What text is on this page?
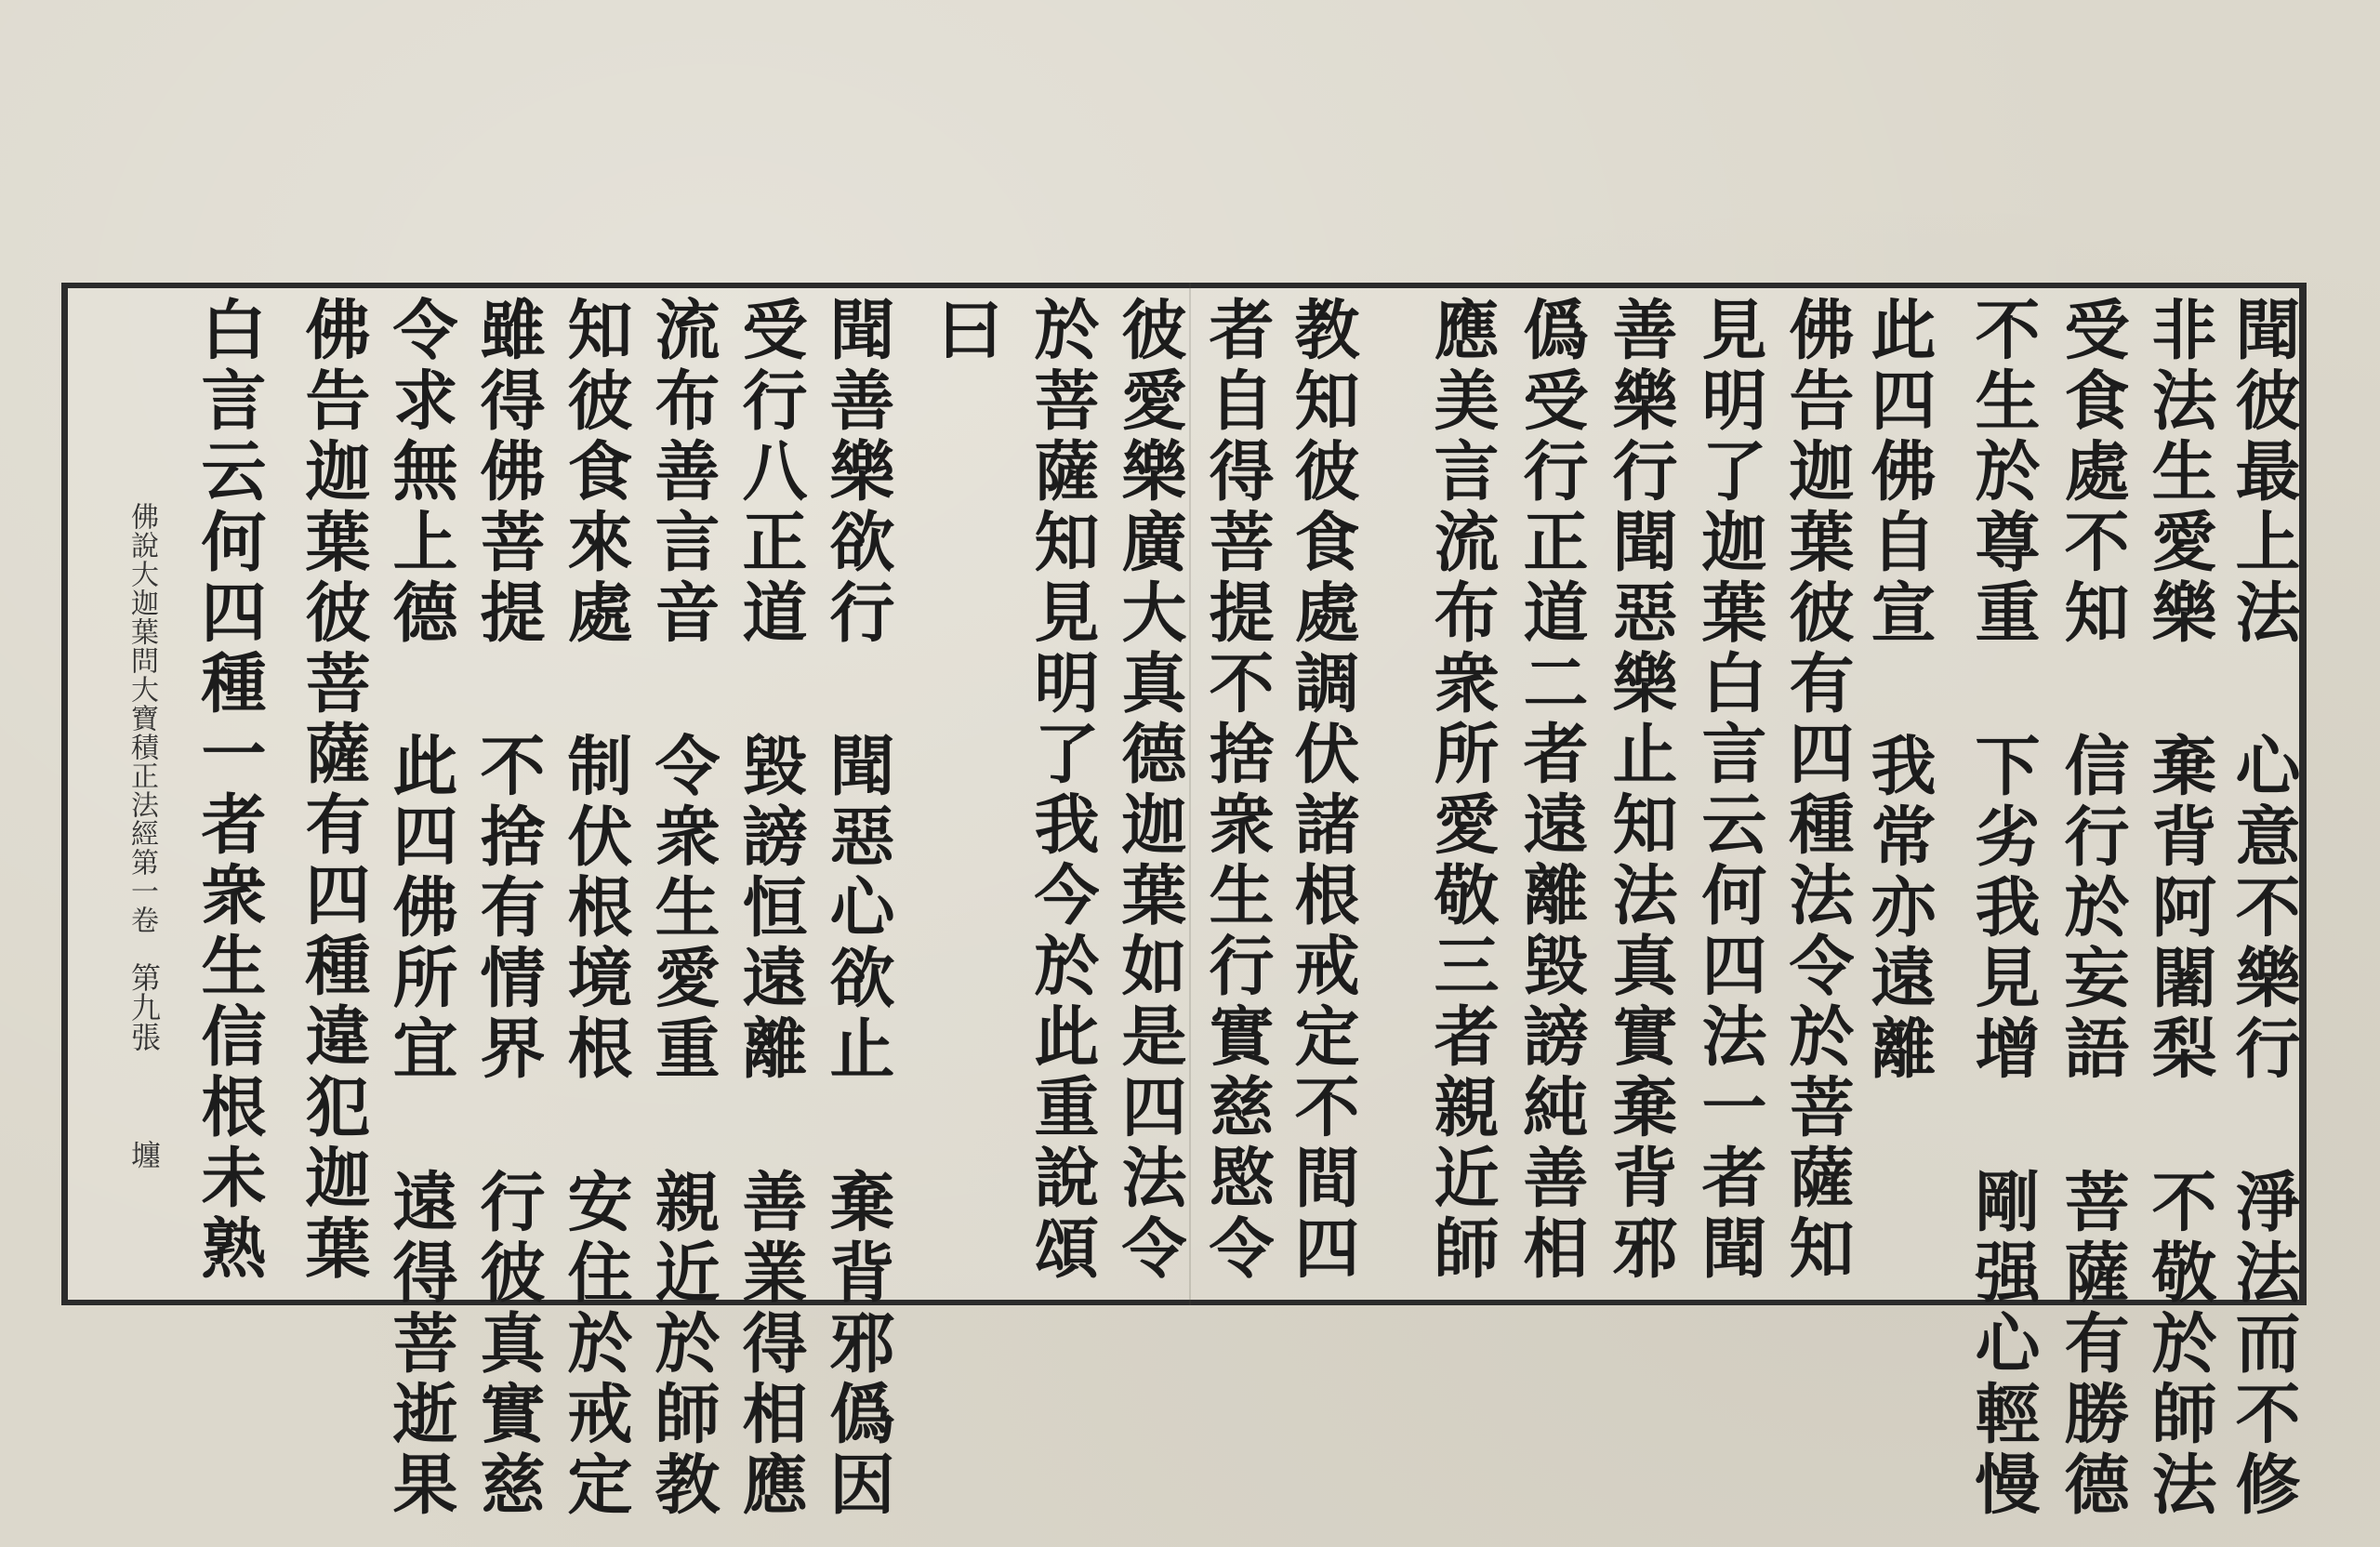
聞彼最上法 心意不樂行 淨法而不修
非法生愛樂 棄背阿闍梨 不敬於師法
受食處不知 信行於妄語 菩薩有勝德
不生於尊重 下劣我見增 剛强心輕慢
此四佛自宣 我常亦遠離
佛告迦葉彼有四種法令於菩薩知
見明了迦葉白言云何四法一者聞
善樂行聞惡樂止知法真實棄背邪
僞受行正道二者遠離毀謗純善相
應美言流布衆所愛敬三者親近師
教知彼食處調伏諸根戒定不間四
者自得菩提不捨衆生行實慈愍令
彼愛樂廣大真德迦葉如是四法令
於菩薩知見明了我今於此重說頌
曰
聞善樂欲行 聞惡心欲止 棄背邪僞因
受行八正道 毀謗恒遠離 善業得相應
流布善言音 令衆生愛重 親近於師教
知彼食來處 制伏根境根 安住於戒定
雖得佛菩提 不捨有情界 行彼真實慈
令求無上德 此四佛所宜 遠得菩逝果
佛告迦葉彼菩薩有四種違犯迦葉
白言云何四種一者衆生信根未熟
佛說大迦葉問大寶積正法經第一卷
第九張
㙻
